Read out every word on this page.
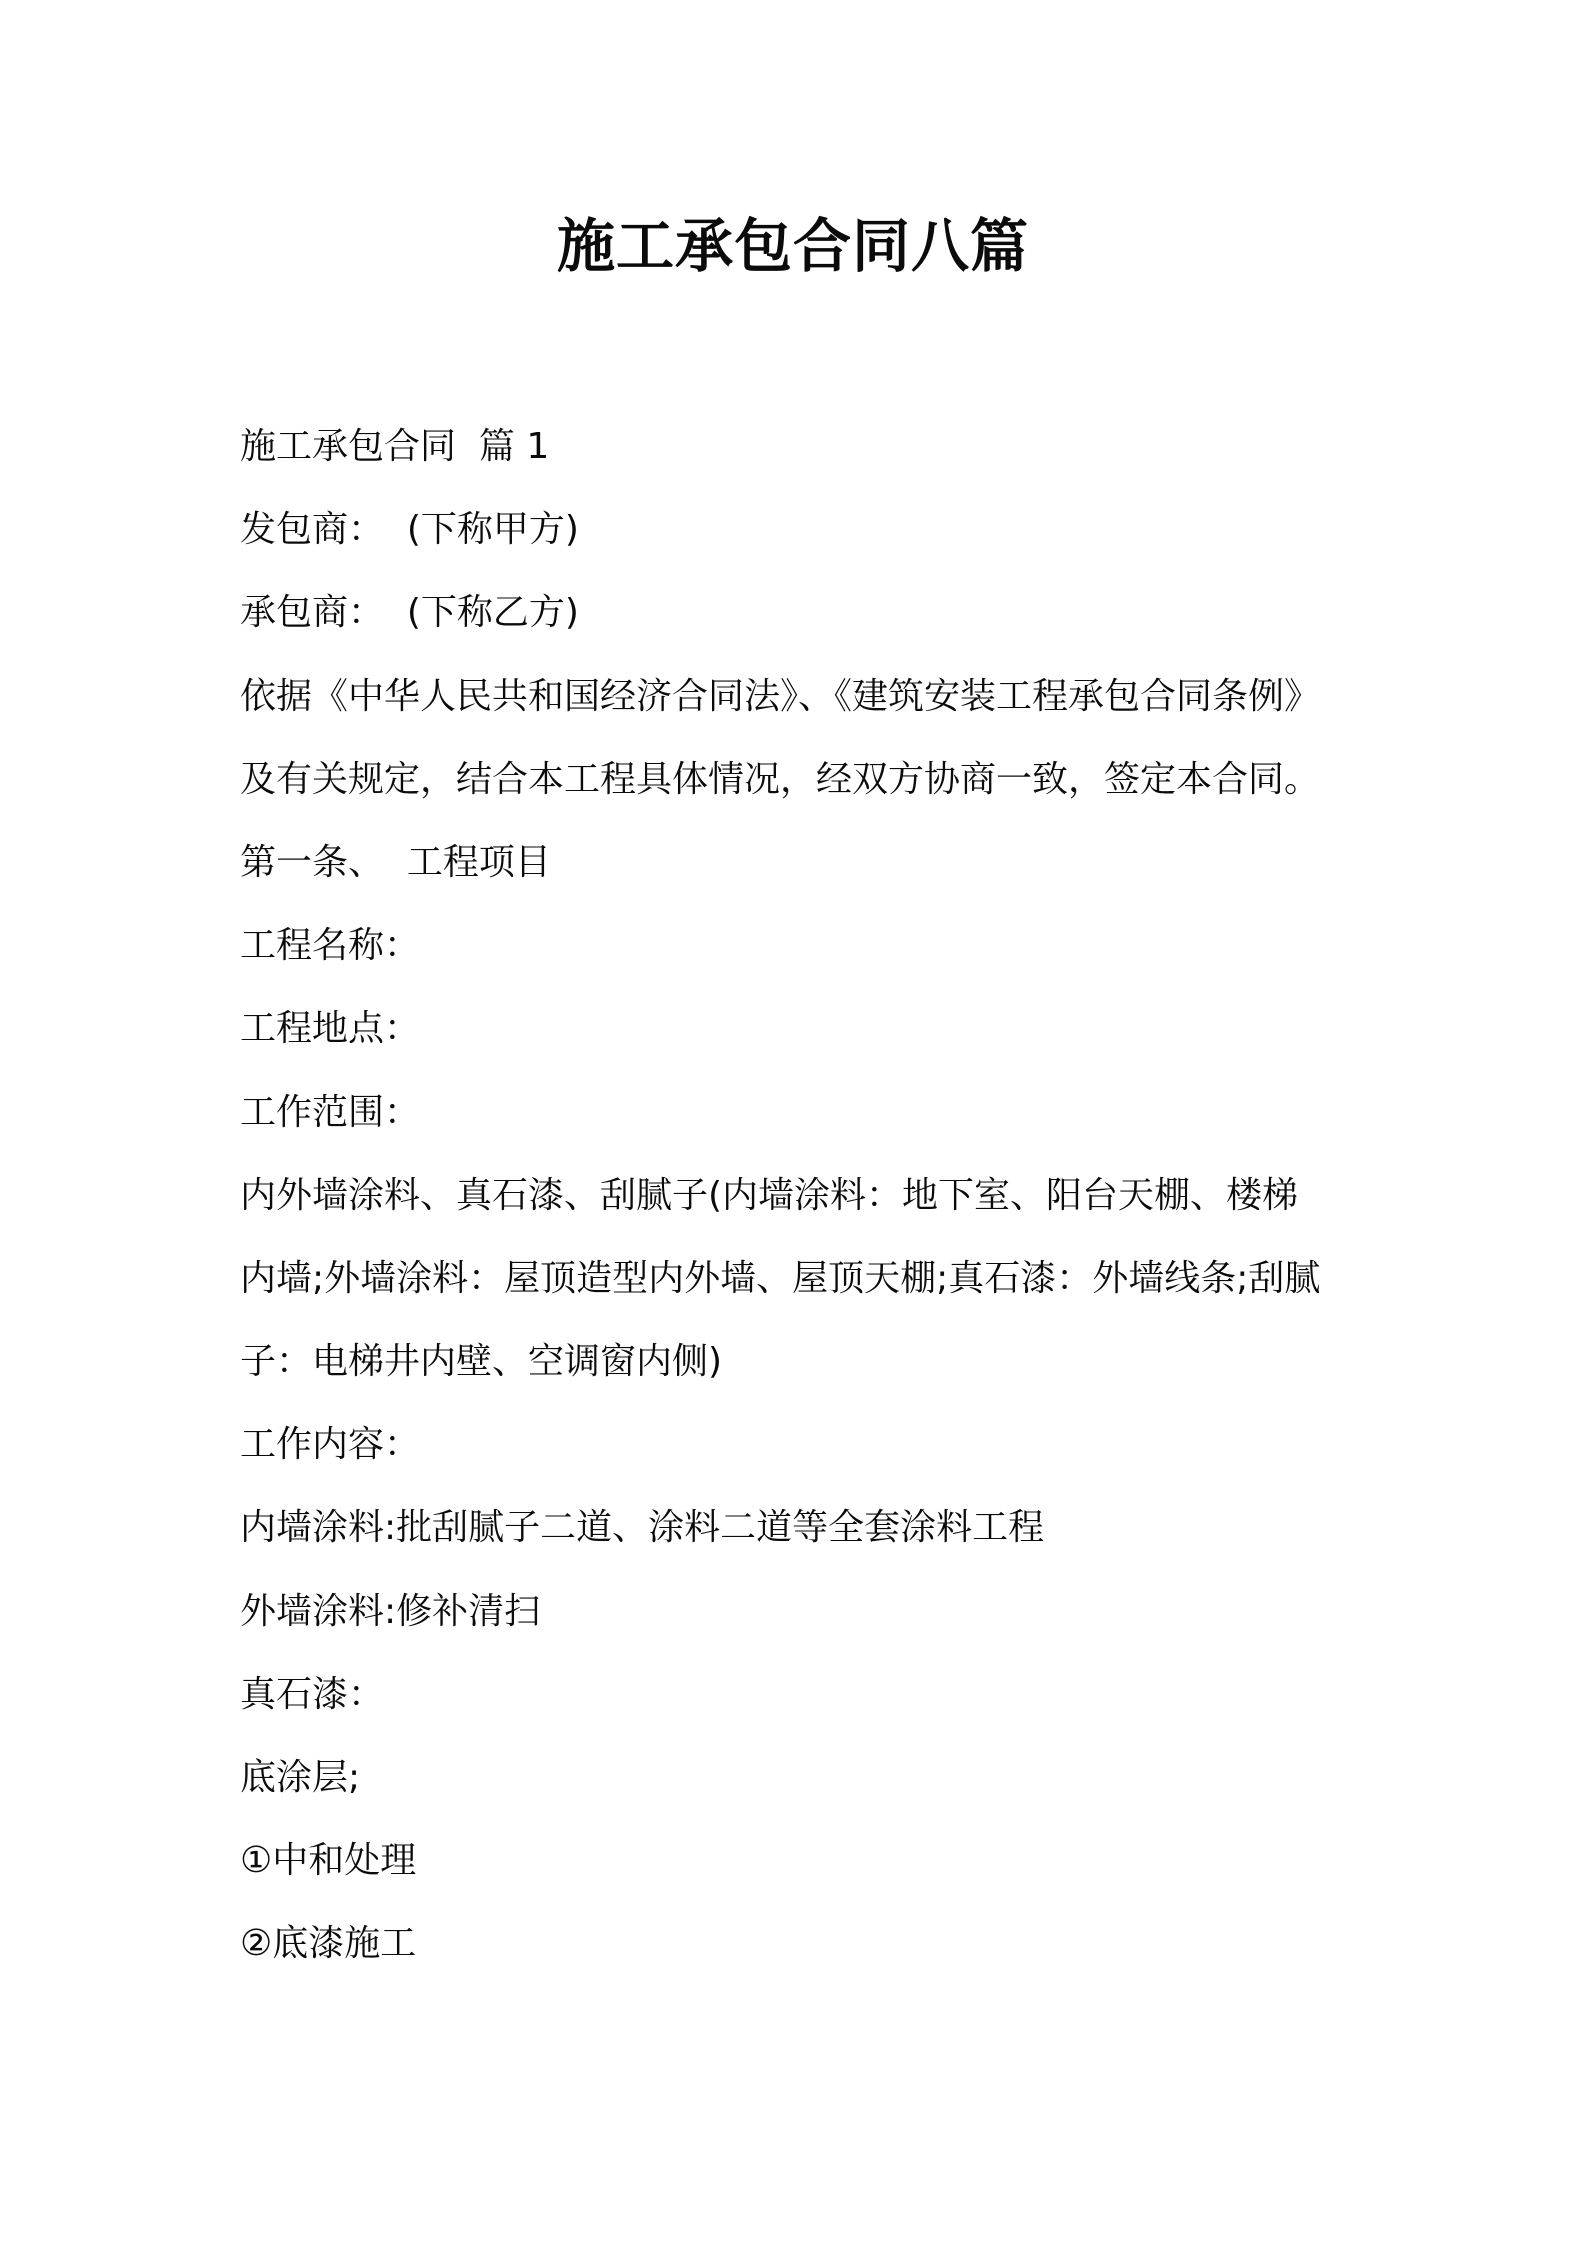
施工承包合同八篇
施工承包合同  篇 1
发包商：  (下称甲方)
承包商：  (下称乙方)
依据《中华人民共和国经济合同法》、《建筑安装工程承包合同条例》
及有关规定，结合本工程具体情况，经双方协商一致，签定本合同。
第一条、  工程项目
工程名称：
工程地点：
工作范围：
内外墙涂料、真石漆、刮腻子(内墙涂料：地下室、阳台天棚、楼梯
内墙;外墙涂料：屋顶造型内外墙、屋顶天棚;真石漆：外墙线条;刮腻
子：电梯井内壁、空调窗内侧)
工作内容：
内墙涂料:批刮腻子二道、涂料二道等全套涂料工程
外墙涂料:修补清扫
真石漆：
底涂层;
①中和处理
②底漆施工
